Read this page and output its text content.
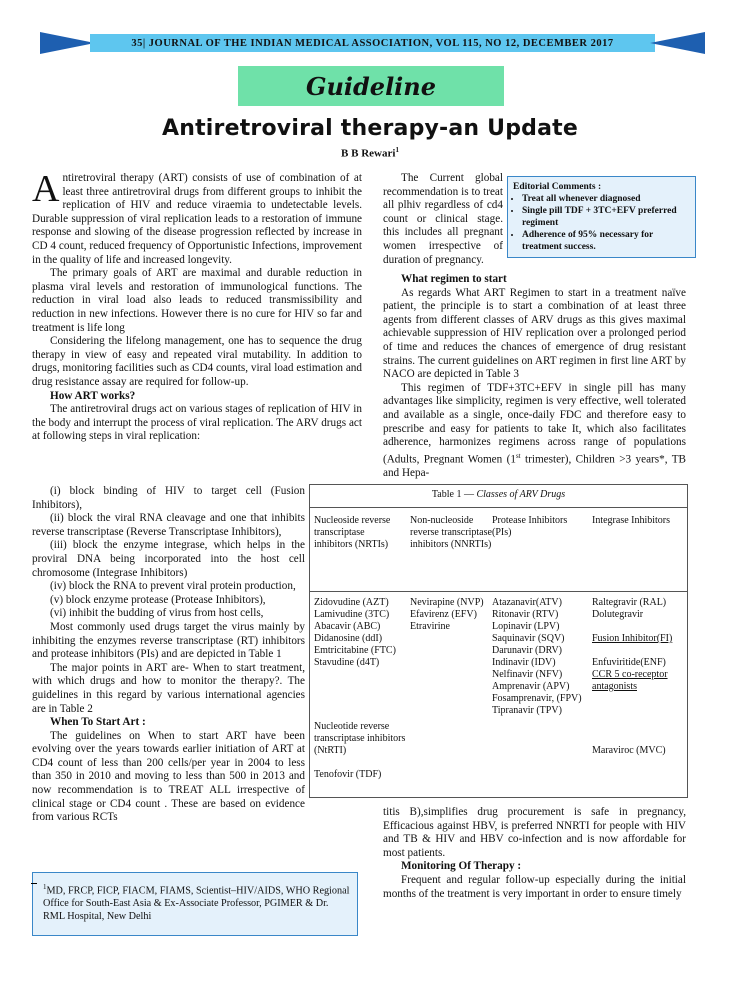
35| JOURNAL OF THE INDIAN MEDICAL ASSOCIATION, VOL 115, NO 12, DECEMBER 2017
Guideline
Antiretroviral therapy-an Update
B B Rewari$^1$

Antiretroviral therapy (ART) consists of use of combination of at least three antiretroviral drugs from different groups to inhibit the replication of HIV and reduce viraemia to undetectable levels. Durable suppression of viral replication leads to a restoration of immune response and slowing of the disease progression reflected by increase in CD 4 count, reduced frequency of Opportunistic Infections, improvement in the quality of life and increased longevity.

The primary goals of ART are maximal and durable reduction in plasma viral levels and restoration of immunological functions. The reduction in viral load also leads to reduced transmissibility and reduction in new infections. However there is no cure for HIV so far and treatment is life long

Considering the lifelong management, one has to sequence the drug therapy in view of easy and repeated viral mutability. In addition to drugs, monitoring facilities such as CD4 counts, viral load estimation and drug resistance assay are required for follow-up.

How ART works?

The antiretroviral drugs act on various stages of replication of HIV in the body and interrupt the process of viral replication. The ARV drugs act at following steps in viral replication:

(i) block binding of HIV to target cell (Fusion Inhibitors),

(ii) block the viral RNA cleavage and one that inhibits reverse transcriptase (Reverse Transcriptase Inhibitors),

(iii) block the enzyme integrase, which helps in the proviral DNA being incorporated into the host cell chromosome (Integrase Inhibitors)

(iv) block the RNA to prevent viral protein production,

(v) block enzyme protease (Protease Inhibitors),

(vi) inhibit the budding of virus from host cells,

Most commonly used drugs target the virus mainly by inhibiting the enzymes reverse transcriptase (RT) inhibitors and protease inhibitors (PIs) and are depicted in Table 1

The major points in ART are- When to start treatment, with which drugs and how to monitor the therapy?. The guidelines in this regard by various international agencies are in Table 2

When To Start Art :

The guidelines on When to start ART have been evolving over the years towards earlier initiation of ART at CD4 count of less than 200 cells/per year in 2004 to less than 350 in 2010 and moving to less than 500 in 2013 and now recommendation is to TREAT ALL irrespective of clinical stage or CD4 count . These are based on evidence from various RCTs

The Current global recommendation is to treat all plhiv regardless of cd4 count or clinical stage. this includes all pregnant women irrespective of duration of pregnancy.

Editorial Comments :
• Treat all whenever diagnosed
• Single pill TDF + 3TC+EFV preferred regiment
• Adherence of 95% necessary for treatment success.

What regimen to start

As regards What ART Regimen to start in a treatment naïve patient, the principle is to start a combination of at least three agents from different classes of ARV drugs as this gives maximal achievable suppression of HIV replication over a prolonged period of time and reduces the chances of emergence of drug resistant strains. The current guidelines on ART regimen in first line ART by NACO are depicted in Table 3

This regimen of TDF+3TC+EFV in single pill has many advantages like simplicity, regimen is very effective, well tolerated and available as a single, once-daily FDC and therefore easy to prescribe and easy for patients to take It, which also facilitates adherence, harmonizes regimens across range of populations (Adults, Pregnant Women (1st trimester), Children >3 years*, TB and Hepa-

Table 1 — Classes of ARV Drugs
Nucleoside reverse transcriptase inhibitors (NRTIs)
Non-nucleoside reverse transcriptase inhibitors (NNRTIs)
Protease Inhibitors (PIs)
Integrase Inhibitors
Zidovudine (AZT)
Lamivudine (3TC)
Abacavir (ABC)
Didanosine (ddI)
Emtricitabine (FTC)
Stavudine (d4T)
Nevirapine (NVP)
Efavirenz (EFV)
Etravirine
Atazanavir(ATV)
Ritonavir (RTV)
Lopinavir (LPV)
Saquinavir (SQV)
Darunavir (DRV)
Indinavir (IDV)
Nelfinavir (NFV)
Amprenavir (APV)
Fosamprenavir, (FPV)
Tipranavir (TPV)
Raltegravir (RAL)
Dolutegravir
Fusion Inhibitor(FI)
Enfuviritide(ENF)
CCR 5 co-receptor antagonists
Nucleotide reverse transcriptase inhibitors (NtRTI)	Maraviroc (MVC)
Tenofovir (TDF)

titis B),simplifies drug procurement is safe in pregnancy, Efficacious against HBV, is preferred NNRTI for people with HIV and TB & HIV and HBV co-infection and is now affordable for most patients.

Monitoring Of Therapy :

Frequent and regular follow-up especially during the initial months of the treatment is very important in order to ensure timely

$^1$MD, FRCP, FICP, FIACM, FIAMS, Scientist–HIV/AIDS, WHO Regional Office for South-East Asia & Ex-Associate Professor, PGIMER & Dr. RML Hospital, New Delhi
